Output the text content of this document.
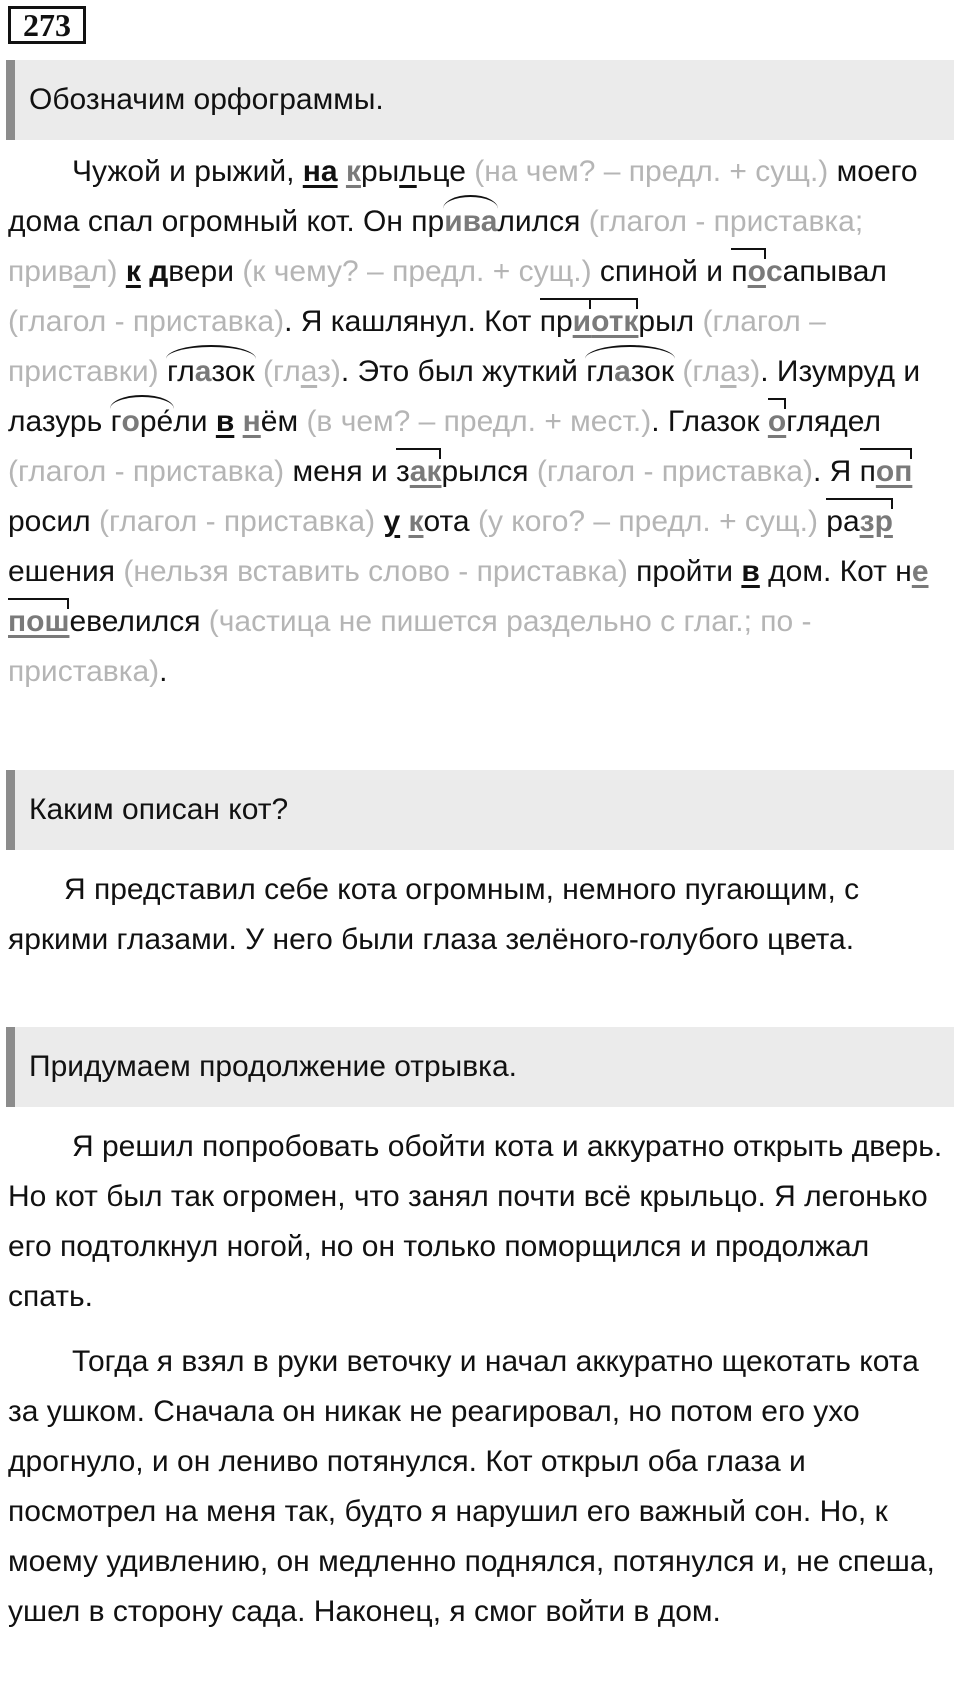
273
Обозначим орфограммы.

Чужой и рыжий, на крыльце (на чем? – предл. + сущ.) моего дома спал огромный кот. Он привалился (глагол - приставка; привал) к двери (к чему? – предл. + сущ.) спиной и посапывал (глагол - приставка). Я кашлянул. Кот приоткрыл (глагол – приставки) глазок (глаз). Это был жуткий глазок (глаз). Изумруд и лазурь горе́ли в нём (в чем? – предл. + мест.). Глазок оглядел (глагол - приставка) меня и закрылся (глагол - приставка). Я попросил (глагол - приставка) у кота (у кого? – предл. + сущ.) разрешения (нельзя вставить слово - приставка) пройти в дом. Кот не пошевелился (частица не пишется раздельно с глаг.; по - приставка).

Каким описан кот?

Я представил себе кота огромным, немного пугающим, с яркими глазами. У него были глаза зелёного-голубого цвета.

Придумаем продолжение отрывка.

Я решил попробовать обойти кота и аккуратно открыть дверь. Но кот был так огромен, что занял почти всё крыльцо. Я легонько его подтолкнул ногой, но он только поморщился и продолжал спать.

Тогда я взял в руки веточку и начал аккуратно щекотать кота за ушком. Сначала он никак не реагировал, но потом его ухо дрогнуло, и он лениво потянулся. Кот открыл оба глаза и посмотрел на меня так, будто я нарушил его важный сон. Но, к моему удивлению, он медленно поднялся, потянулся и, не спеша, ушел в сторону сада. Наконец, я смог войти в дом.
